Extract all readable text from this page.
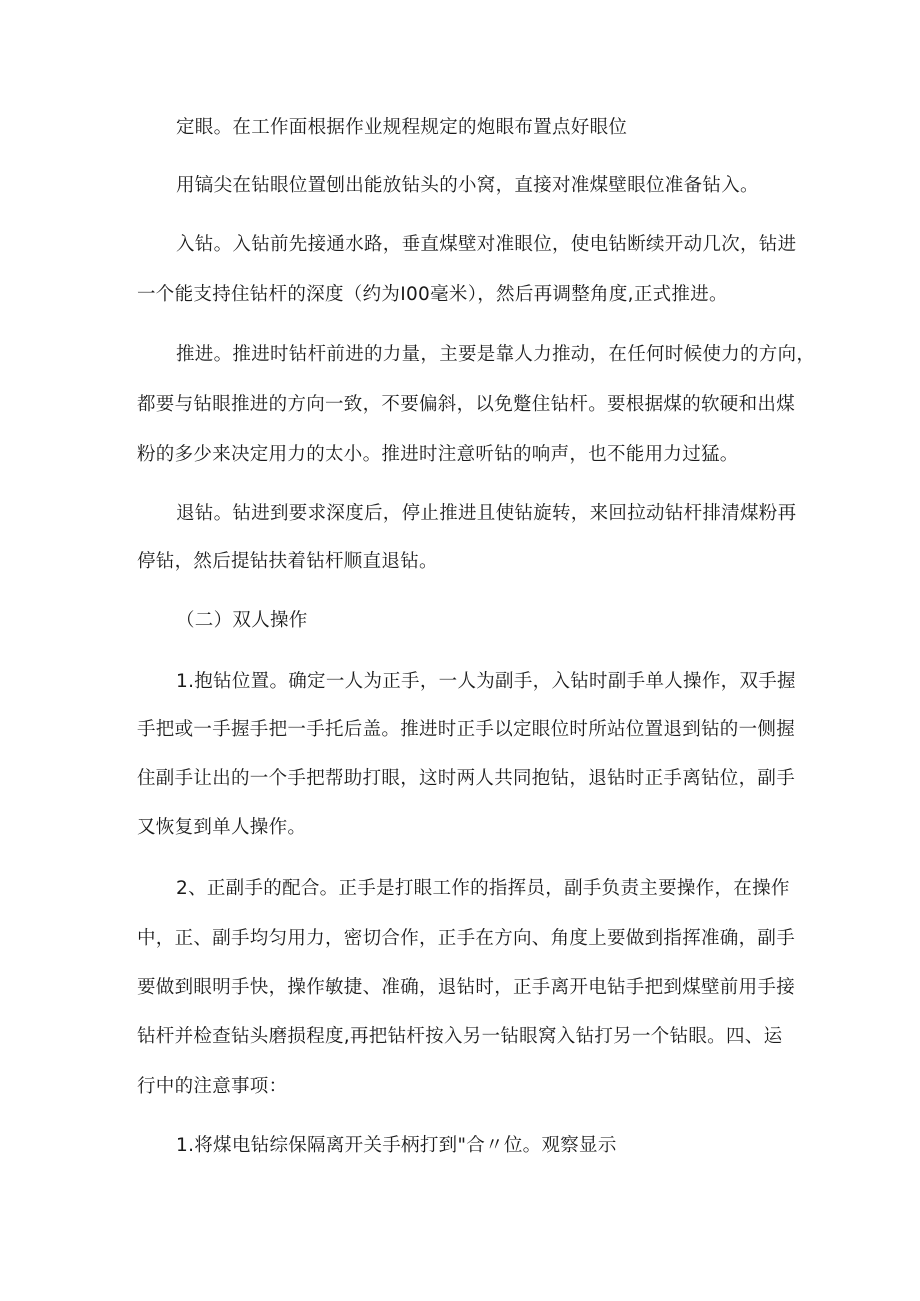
定眼。在工作面根据作业规程规定的炮眼布置点好眼位
用镐尖在钻眼位置刨出能放钻头的小窝，直接对准煤壁眼位准备钻入。
入钻。入钻前先接通水路，垂直煤壁对准眼位，使电钻断续开动几次，钻进
一个能支持住钻杆的深度（约为I00毫米），然后再调整角度,正式推进。
推进。推进时钻杆前进的力量，主要是靠人力推动，在任何时候使力的方向，
都要与钻眼推进的方向一致，不要偏斜，以免蹩住钻杆。要根据煤的软硬和出煤
粉的多少来决定用力的太小。推进时注意听钻的响声，也不能用力过猛。
退钻。钻进到要求深度后，停止推进且使钻旋转，来回拉动钻杆排清煤粉再
停钻，然后提钻扶着钻杆顺直退钻。
（二）双人操作
1.抱钻位置。确定一人为正手，一人为副手，入钻时副手单人操作，双手握
手把或一手握手把一手托后盖。推进时正手以定眼位时所站位置退到钻的一侧握
住副手让出的一个手把帮助打眼，这时两人共同抱钻，退钻时正手离钻位，副手
又恢复到单人操作。
2、正副手的配合。正手是打眼工作的指挥员，副手负责主要操作，在操作
中，正、副手均匀用力，密切合作，正手在方向、角度上要做到指挥准确，副手
要做到眼明手快，操作敏捷、准确，退钻时，正手离开电钻手把到煤壁前用手接
钻杆并检查钻头磨损程度,再把钻杆按入另一钻眼窝入钻打另一个钻眼。四、运
行中的注意事项：
1.将煤电钻综保隔离开关手柄打到"合〃位。观察显示
